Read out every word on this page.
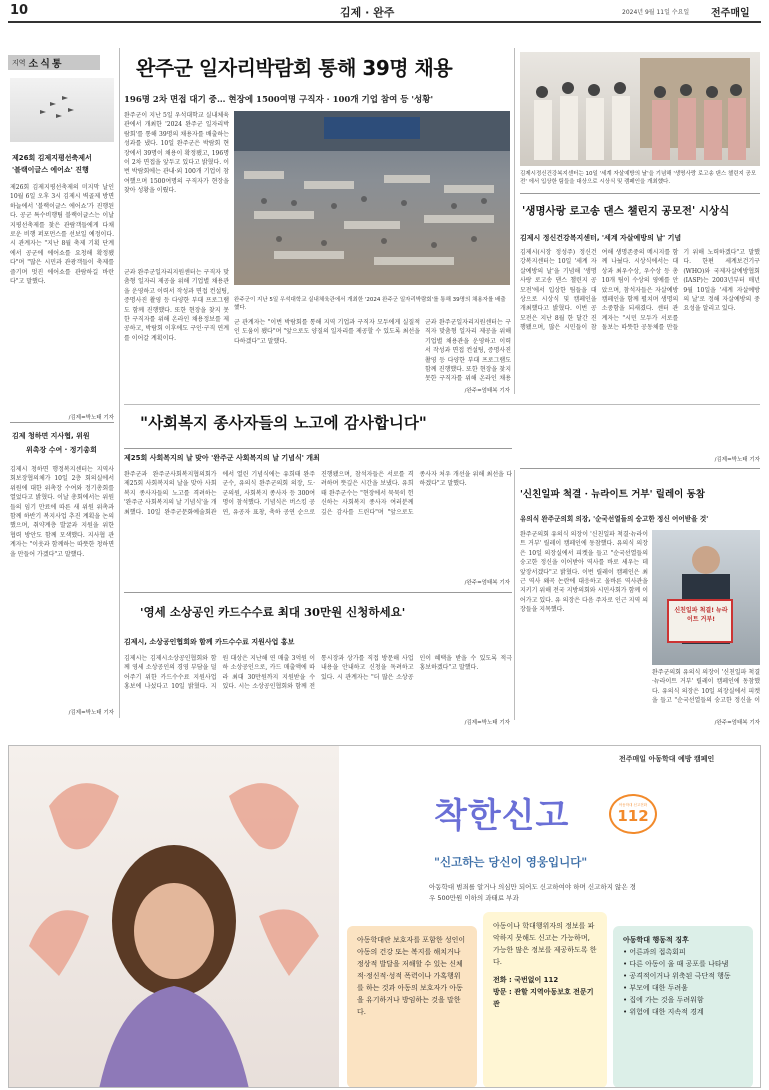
10	김제 · 완주	2024년 9월 11일 수요일 전주매일
지역 소식통
제26회 김제지평선축제서
'블랙이글스 에어쇼' 진행
제26회 김제지평선축제의 미지막 날인 10월 6일 오후 3시 김제시 벽골제 방면 하늘에서 '블랙이글스 에어쇼'가 진행된다. 공군 특수비행팀 블랙이글스는 이날 지평선축제를 찾은 관람객들에게 다채로운 비행 퍼포먼스를 선보일 예정이다. 시 관계자는 "지난 8월 축제 기획 단계에서 공군에 에어쇼를 요청해 확정됐다"며 "많은 시민과 관광객들이 축제를 즐기며 멋진 에어쇼를 관람하길 바란다"고 말했다.
/김제=박노태 기자
김제 청하면 지사협, 위원
위촉장 수여 · 정기총회
김제시 청하면 행정복지센터는 지역사회보장협의체가 10일 2층 회의실에서 위원에 대한 위촉장 수여와 정기총회를 열었다고 밝혔다. 이날 총회에서는 위원들의 임기 만료에 따른 새 위원 위촉과 함께 하반기 복지사업 추진 계획을 논의했으며, 취약계층 발굴과 지원을 위한 협력 방안도 함께 모색했다. 지사협 관계자는 "이웃과 함께하는 따뜻한 청하면을 만들어 가겠다"고 말했다.
/김제=박노태 기자
완주군 일자리박람회 통해 39명 채용
196명 2차 면접 대기 중… 현장에 1500여명 구직자 · 100개 기업 참여 등 '성황'
완주군이 지난 5일 우석대학교 실내체육관에서 개최한 '2024 완주군 일자리박람회'를 통해 39명의 채용자를 배출하는 성과를 냈다. 10일 완주군은 박람회 현장에서 39명이 채용이 확정됐고, 196명이 2차 면접을 앞두고 있다고 밝혔다. 이번 박람회에는 관내·외 100개 기업이 참여했으며 1500여명의 구직자가 현장을 찾아 성황을 이뤘다.
군과 완주군일자리지원센터는 구직자 맞춤형 일자리 제공을 위해 기업별 채용관을 운영하고 이력서 작성과 면접 컨설팅, 증명사진 촬영 등 다양한 부대 프로그램도 함께 진행했다. 또한 현장을 찾지 못한 구직자를 위해 온라인 채용정보를 제공하고, 박람회 이후에도 구인·구직 연계를 이어갈 계획이다.
완주군이 지난 5일 우석대학교 실내체육관에서 개최한 '2024 완주군 일자리박람회'를 통해 39명의 채용자를 배출했다.
군 관계자는 "이번 박람회를 통해 지역 기업과 구직자 모두에게 실질적인 도움이 됐다"며 "앞으로도 양질의 일자리를 제공할 수 있도록 최선을 다하겠다"고 말했다.
군과 완주군일자리지원센터는 구직자 맞춤형 일자리 제공을 위해 기업별 채용관을 운영하고 이력서 작성과 면접 컨설팅, 증명사진 촬영 등 다양한 부대 프로그램도 함께 진행했다. 또한 현장을 찾지 못한 구직자를 위해 온라인 채용
/완주=엄태복 기자
김제시정신건강복지센터는 10일 '세계 자살예방의 날'을 기념해 '생명사랑 로고송 댄스 챌린지 공모전' 에서 입상한 팀들을 대상으로 시상식 및 캠페인을 개최했다.
'생명사랑 로고송 댄스 챌린지 공모전' 시상식
김제시 정신건강복지센터, '세계 자살예방의 날' 기념
김제시(시장 정성주) 정신건강복지센터는 10일 '세계 자살예방의 날'을 기념해 '생명사랑 로고송 댄스 챌린지 공모전'에서 입상한 팀들을 대상으로 시상식 및 캠페인을 개최했다고 밝혔다. 이번 공모전은 지난 8월 한 달간 진행됐으며, 많은 시민들이 참여해 생명존중의 메시지를 함께 나눴다. 시상식에서는 대상과 최우수상, 우수상 등 총 10개 팀이 수상의 영예를 안았으며, 참석자들은 자살예방 캠페인을 함께 펼치며 생명의 소중함을 되새겼다. 센터 관계자는 "시민 모두가 서로를 돌보는 따뜻한 공동체를 만들기 위해 노력하겠다"고 말했다. 한편 세계보건기구(WHO)와 국제자살예방협회(IASP)는 2003년부터 매년 9월 10일을 '세계 자살예방의 날'로 정해 자살예방의 중요성을 알리고 있다.
/김제=박노태 기자
"사회복지 종사자들의 노고에 감사합니다"
제25회 사회복지의 날 맞아 '완주군 사회복지의 날 기념식' 개최
완주군과 완주군사회복지협의회가 제25회 사회복지의 날을 맞아 사회복지 종사자들의 노고를 격려하는 '완주군 사회복지의 날 기념식'을 개최했다. 10일 완주군문화예술회관에서 열린 기념식에는 유희태 완주군수, 유의식 완주군의회 의장, 도·군의원, 사회복지 종사자 등 300여명이 참석했다. 기념식은 버스킹 공연, 유공자 표창, 축하 공연 순으로 진행됐으며, 참석자들은 서로를 격려하며 뜻깊은 시간을 보냈다. 유희태 완주군수는 "현장에서 묵묵히 헌신하는 사회복지 종사자 여러분께 깊은 감사를 드린다"며 "앞으로도 종사자 처우 개선을 위해 최선을 다하겠다"고 말했다.
/완주=엄태복 기자
'신친일파 척결 · 뉴라이트 거부' 릴레이 동참
유의식 완주군의회 의장, '순국선열들의 숭고한 정신 어어받을 것'
완주군의회 유의식 의장이 '신친일파 척결·뉴라이트 거부' 릴레이 캠페인에 동참했다. 유의식 의장은 10일 의장실에서 피켓을 들고 "순국선열들의 숭고한 정신을 이어받아 역사를 바로 세우는 데 앞장서겠다"고 밝혔다. 이번 릴레이 캠페인은 최근 역사 왜곡 논란에 대응하고 올바른 역사관을 지키기 위해 전국 지방의회와 시민사회가 함께 이어가고 있다. 유 의장은 다음 주자로 인근 지역 의장들을 지목했다.	신친일파 척결! 뉴라이트 거부!
완주군의회 유의식 의장이 '신친일파 척결·뉴라이트 거부' 릴레이 캠페인에 동참했다. 유의식 의장은 10일 의장실에서 피켓을 들고 "순국선열들의 숭고한 정신을 이
/완주=엄태복 기자
'영세 소상공인 카드수수료 최대 30만원 신청하세요'
김제시, 소상공인협회와 함께 카드수수료 지원사업 홍보
김제시는 김제시소상공인협회와 함께 영세 소상공인의 경영 부담을 덜어주기 위한 카드수수료 지원사업 홍보에 나섰다고 10일 밝혔다. 지원 대상은 지난해 연 매출 3억원 이하 소상공인으로, 카드 매출액에 따라 최대 30만원까지 지원받을 수 있다. 시는 소상공인협회와 함께 전통시장과 상가를 직접 방문해 사업 내용을 안내하고 신청을 독려하고 있다. 시 관계자는 "더 많은 소상공인이 혜택을 받을 수 있도록 적극 홍보하겠다"고 말했다.
/김제=박노태 기자
전주매일 아동학대 예방 캠페인
착한신고	아동학대 신고전화
112
"신고하는 당신이 영웅입니다"
아동학대 범죄를 알거나 의심만 되어도 신고하여야 하며 신고하지 않은 경우 500만원 이하의 과태료 부과
아동학대란 보호자를 포함한 성인이 아동의 건강 또는 복지를 해치거나 정상적 발달을 저해할 수 있는 신체적·정신적·성적 폭력이나 가혹행위를 하는 것과 아동의 보호자가 아동을 유기하거나 방임하는 것을 말한다.
아동이나 학대행위자의 정보를 파악하지 못해도 신고는 가능하며, 가능한 많은 정보를 제공하도록 한다.
전화 : 국번없이 112
방문 : 관할 지역아동보호 전문기관
아동학대 행동적 징후
• 어른과의 접촉회피
• 다른 아동이 울 때 공포를 나타냄
• 공격적이거나 위축된 극단적 행동
• 부모에 대한 두려움
• 집에 가는 것을 두려워함
• 위험에 대한 지속적 경계
